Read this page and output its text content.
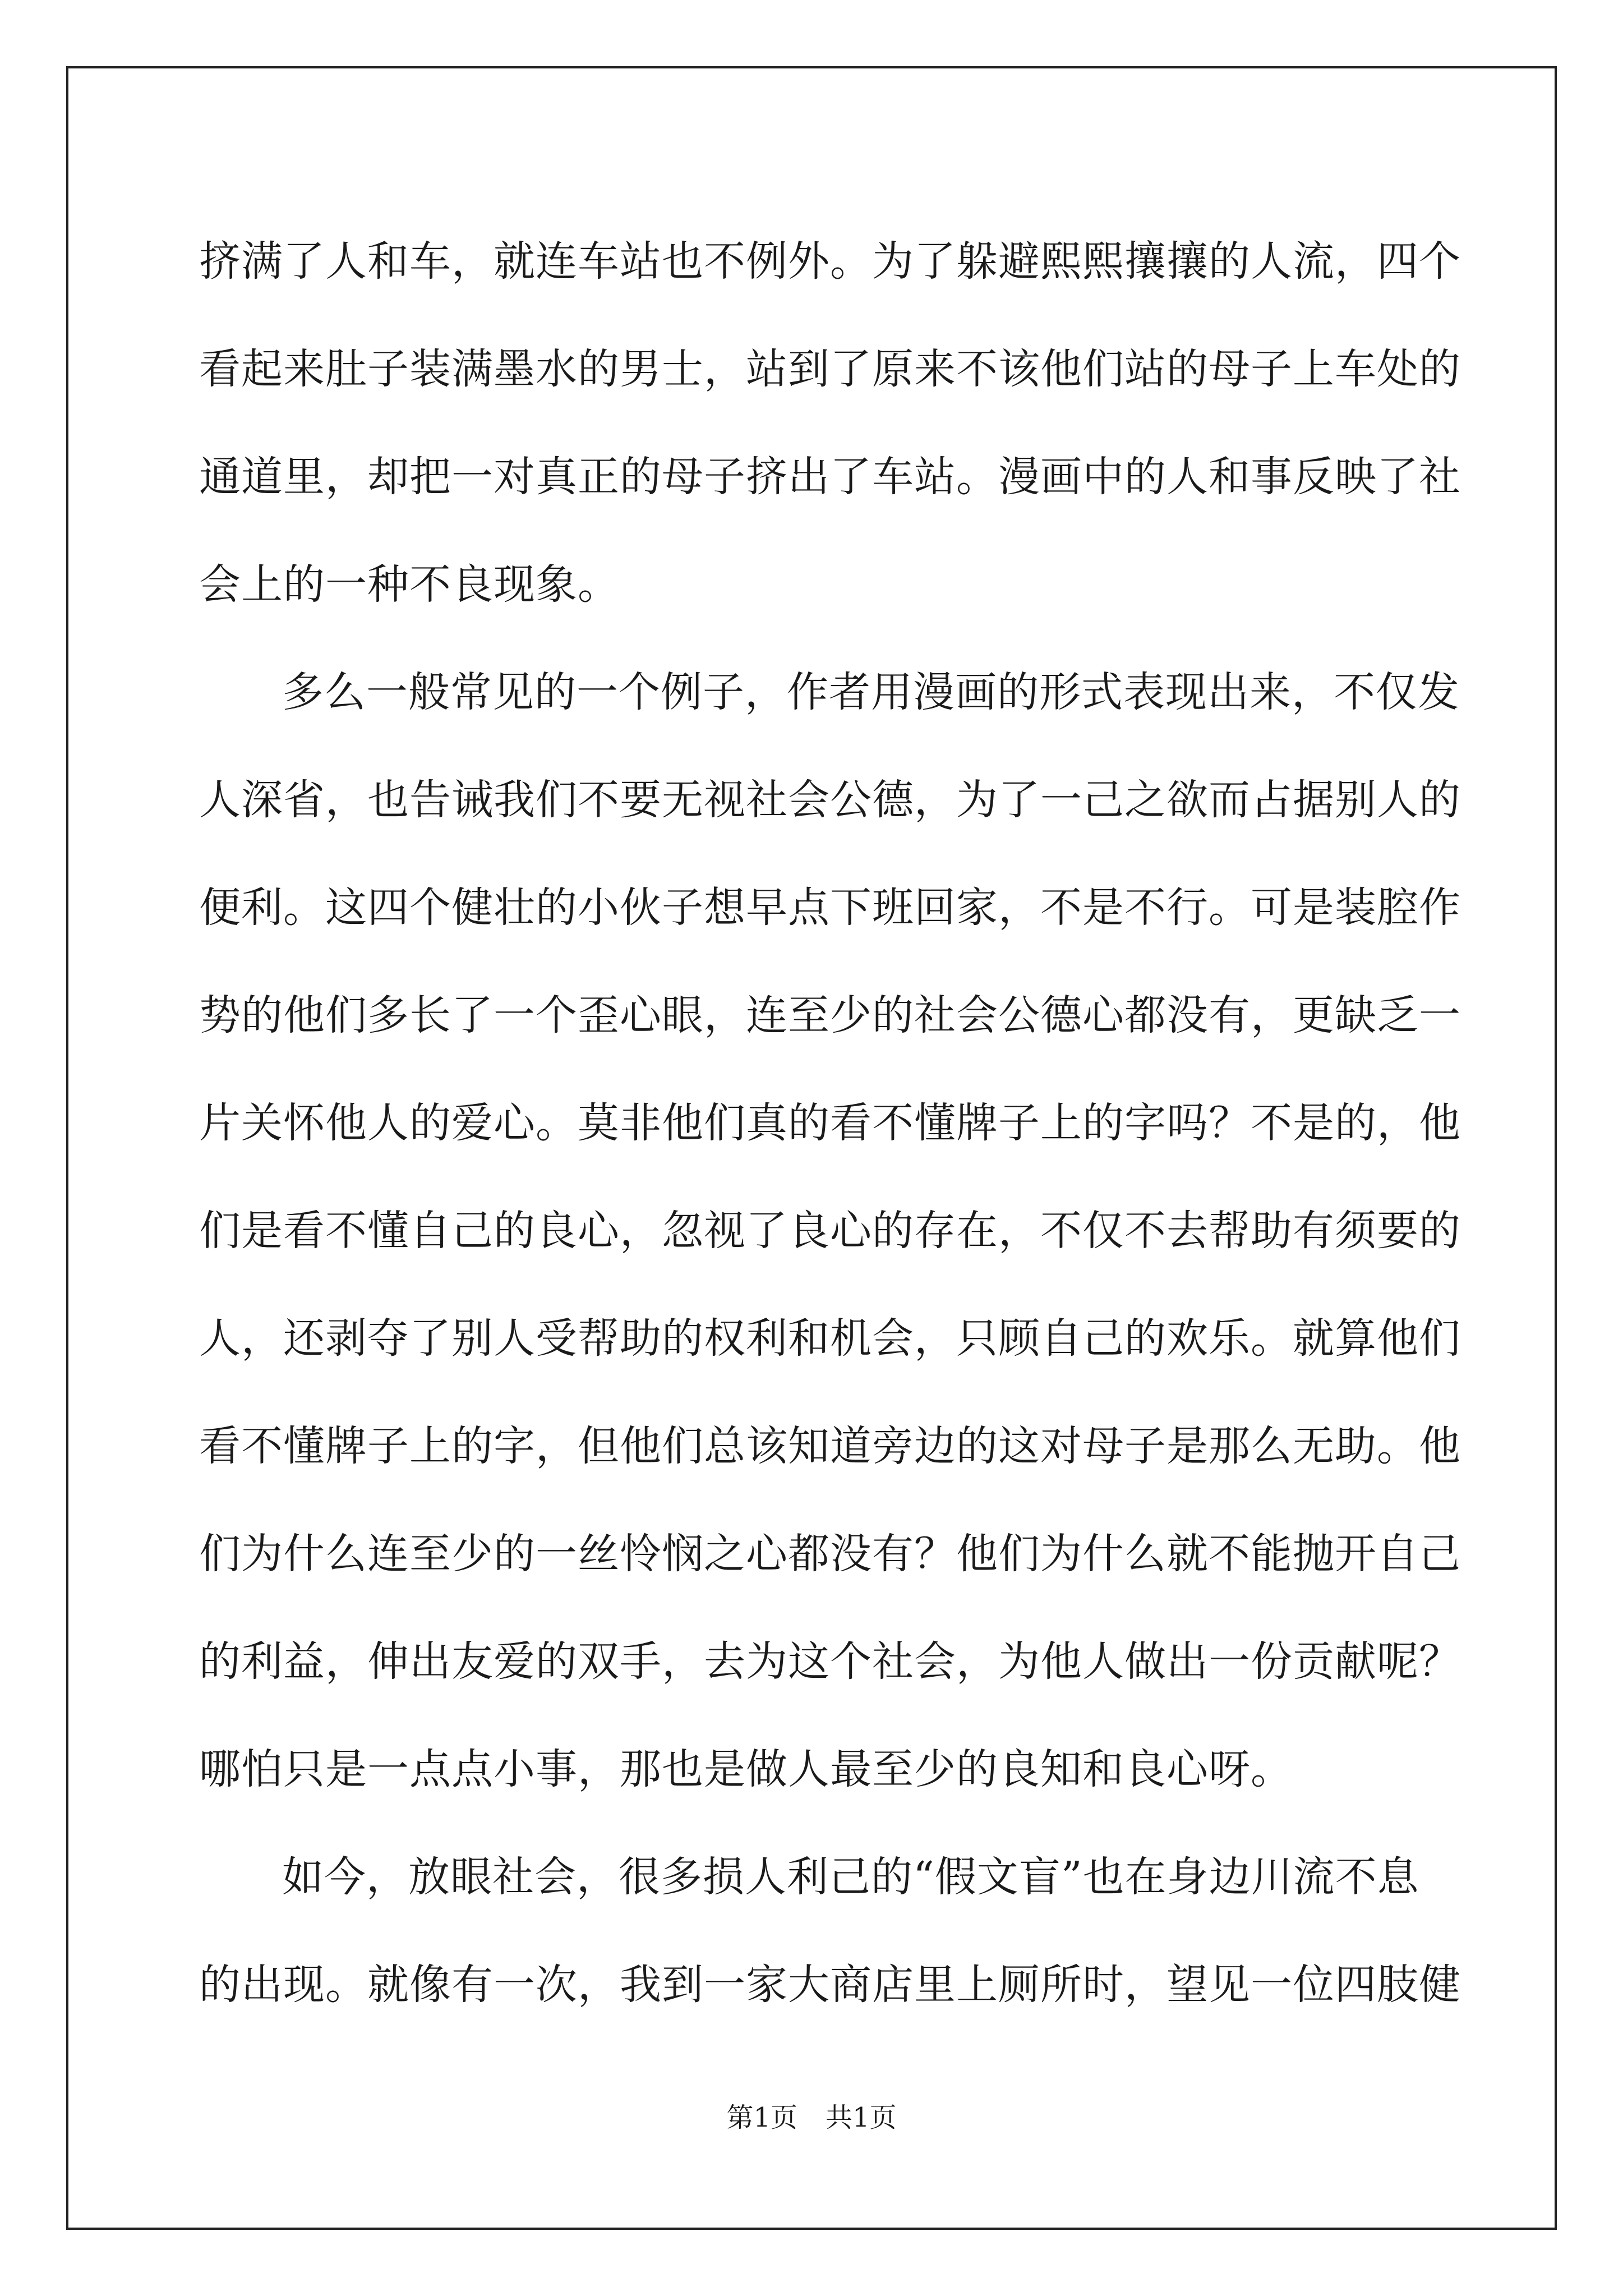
挤满了人和车，就连车站也不例外。为了躲避熙熙攘攘的人流，四个
看起来肚子装满墨水的男士，站到了原来不该他们站的母子上车处的
通道里，却把一对真正的母子挤出了车站。漫画中的人和事反映了社
会上的一种不良现象。
多么一般常见的一个例子，作者用漫画的形式表现出来，不仅发
人深省，也告诫我们不要无视社会公德，为了一己之欲而占据别人的
便利。这四个健壮的小伙子想早点下班回家，不是不行。可是装腔作
势的他们多长了一个歪心眼，连至少的社会公德心都没有，更缺乏一
片关怀他人的爱心。莫非他们真的看不懂牌子上的字吗？不是的，他
们是看不懂自己的良心，忽视了良心的存在，不仅不去帮助有须要的
人，还剥夺了别人受帮助的权利和机会，只顾自己的欢乐。就算他们
看不懂牌子上的字，但他们总该知道旁边的这对母子是那么无助。他
们为什么连至少的一丝怜悯之心都没有？他们为什么就不能抛开自己
的利益，伸出友爱的双手，去为这个社会，为他人做出一份贡献呢？
哪怕只是一点点小事，那也是做人最至少的良知和良心呀。
如今，放眼社会，很多损人利己的“假文盲”也在身边川流不息
的出现。就像有一次，我到一家大商店里上厕所时，望见一位四肢健
第1页 共1页
